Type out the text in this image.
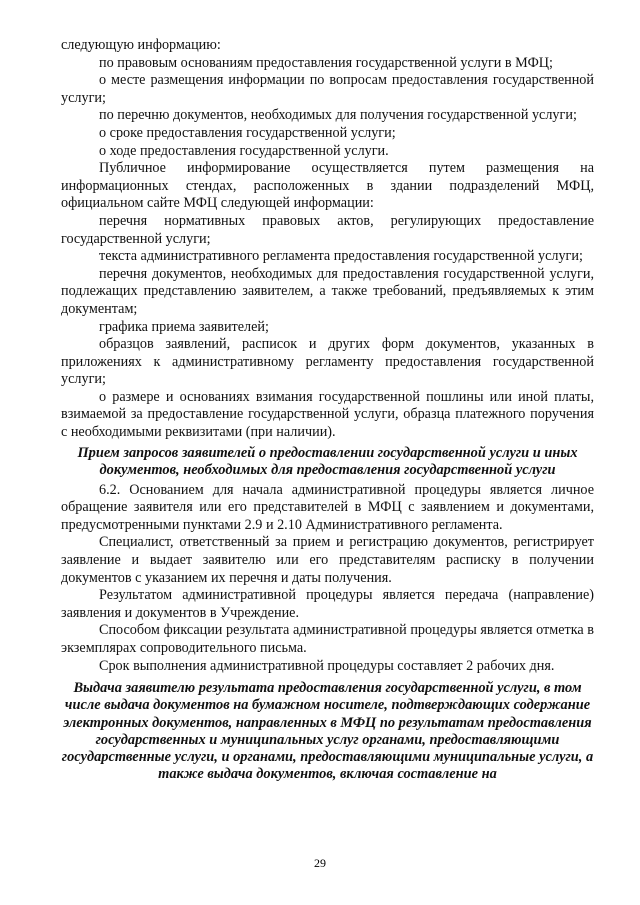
следующую информацию:

по правовым основаниям предоставления государственной услуги в МФЦ;

о месте размещения информации по вопросам предоставления государственной услуги;

по перечню документов, необходимых для получения государственной услуги;

о сроке предоставления государственной услуги;

о ходе предоставления государственной услуги.

Публичное информирование осуществляется путем размещения на информационных стендах, расположенных в здании подразделений МФЦ, официальном сайте МФЦ следующей информации:

перечня нормативных правовых актов, регулирующих предоставление государственной услуги;

текста административного регламента предоставления государственной услуги;

перечня документов, необходимых для предоставления государственной услуги, подлежащих представлению заявителем, а также требований, предъявляемых к этим документам;

графика приема заявителей;

образцов заявлений, расписок и других форм документов, указанных в приложениях к административному регламенту предоставления государственной услуги;

о размере и основаниях взимания государственной пошлины или иной платы, взимаемой за предоставление государственной услуги, образца платежного поручения с необходимыми реквизитами (при наличии).

Прием запросов заявителей о предоставлении государственной услуги и иных документов, необходимых для предоставления государственной услуги

6.2. Основанием для начала административной процедуры является личное обращение заявителя или его представителей в МФЦ с заявлением и документами, предусмотренными пунктами 2.9 и 2.10 Административного регламента.

Специалист, ответственный за прием и регистрацию документов, регистрирует заявление и выдает заявителю или его представителям расписку в получении документов с указанием их перечня и даты получения.

Результатом административной процедуры является передача (направление) заявления и документов в Учреждение.

Способом фиксации результата административной процедуры является отметка в экземплярах сопроводительного письма.

Срок выполнения административной процедуры составляет 2 рабочих дня.

Выдача заявителю результата предоставления государственной услуги, в том числе выдача документов на бумажном носителе, подтверждающих содержание электронных документов, направленных в МФЦ по результатам предоставления государственных и муниципальных услуг органами, предоставляющими государственные услуги, и органами, предоставляющими муниципальные услуги, а также выдача документов, включая составление на
29
